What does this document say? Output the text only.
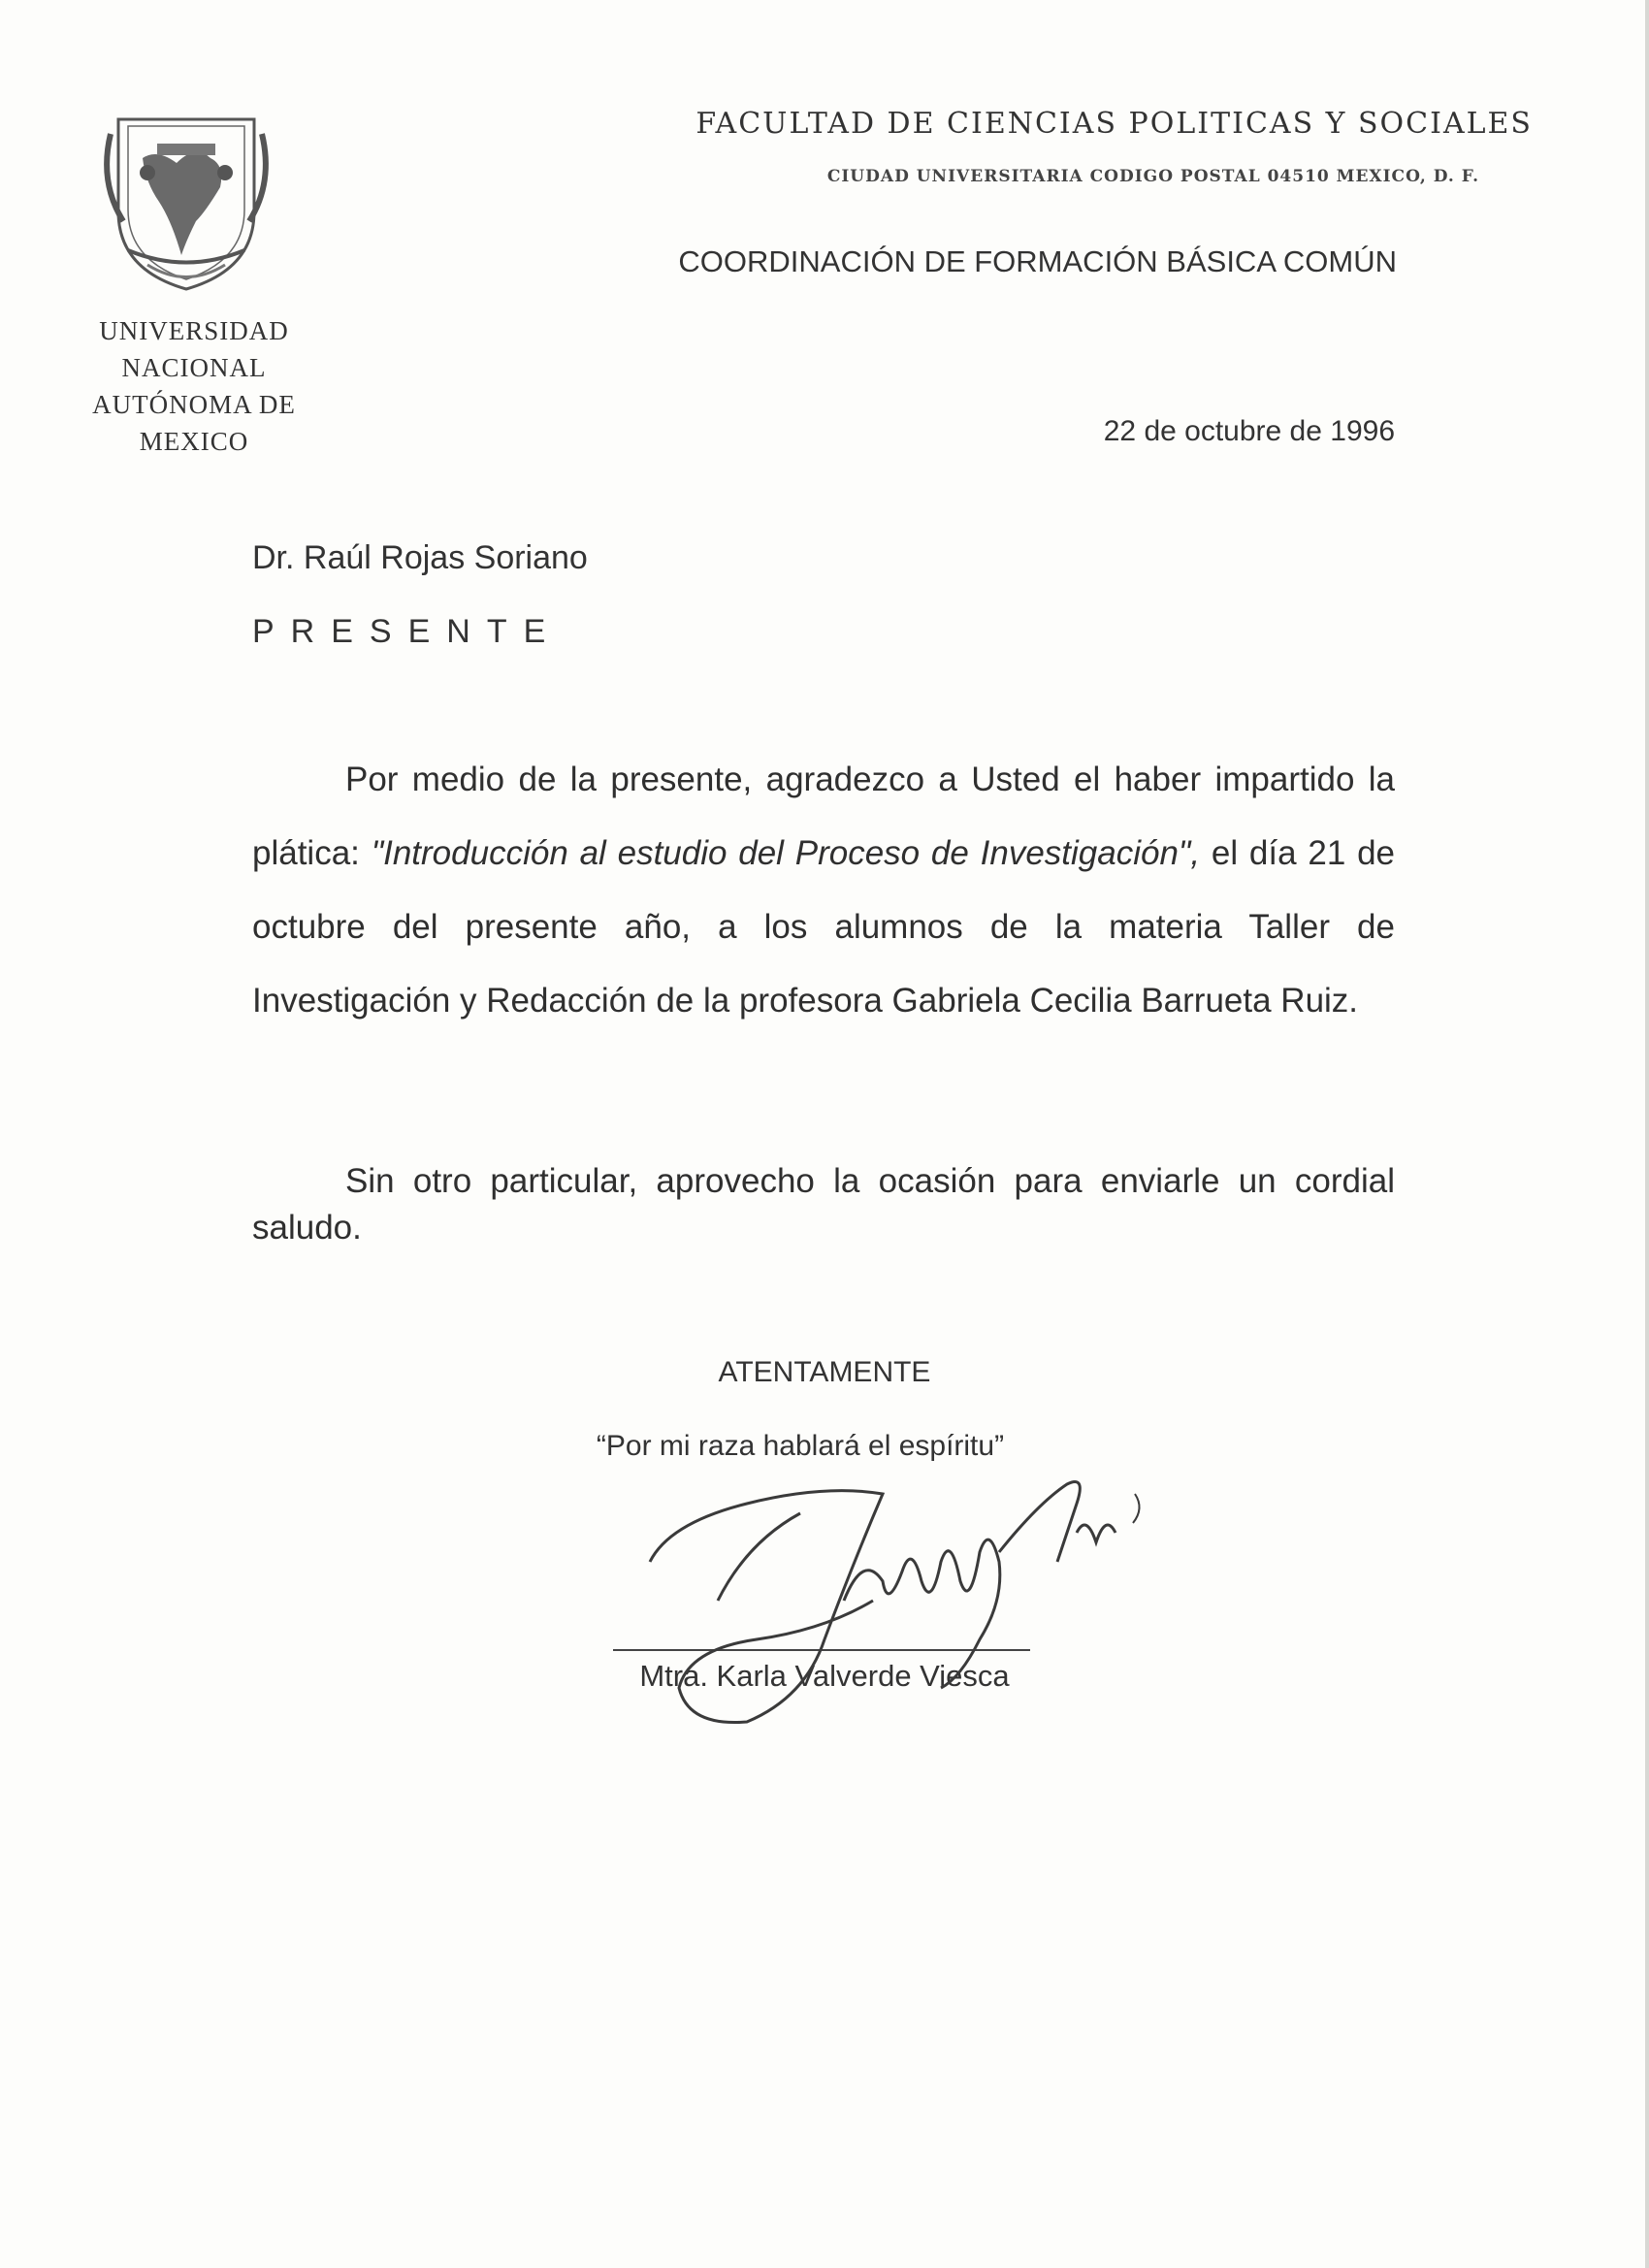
UNIVERSIDAD NACIONAL
AUTÓNOMA DE MEXICO
FACULTAD DE CIENCIAS POLITICAS Y SOCIALES
CIUDAD UNIVERSITARIA CODIGO POSTAL 04510 MEXICO, D. F.
COORDINACIÓN DE FORMACIÓN BÁSICA COMÚN
22 de octubre de 1996
Dr. Raúl Rojas Soriano
PRESENTE
Por medio de la presente, agradezco a Usted el haber impartido la plática: "Introducción al estudio del Proceso de Investigación", el día 21 de octubre del presente año, a los alumnos de la materia Taller de Investigación y Redacción de la profesora Gabriela Cecilia Barrueta Ruiz.
Sin otro particular, aprovecho la ocasión para enviarle un cordial saludo.
ATENTAMENTE
“Por mi raza hablará el espíritu”
Mtra. Karla Valverde Viesca
